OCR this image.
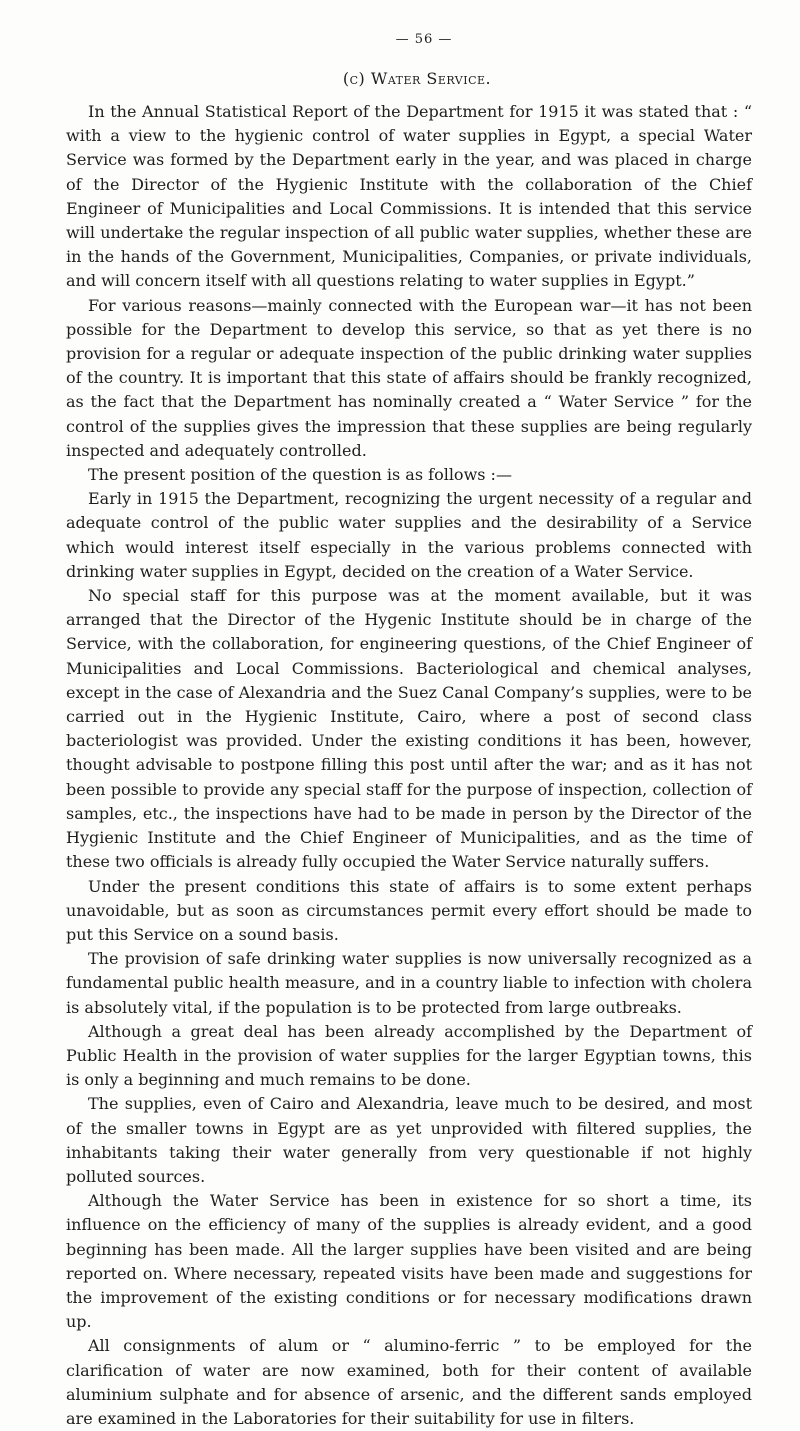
— 56 —
(c) Water Service.

In the Annual Statistical Report of the Department for 1915 it was stated that : “ with a view to the hygienic control of water supplies in Egypt, a special Water Service was formed by the Department early in the year, and was placed in charge of the Director of the Hygienic Institute with the collaboration of the Chief Engineer of Municipalities and Local Commissions. It is intended that this service will undertake the regular inspection of all public water supplies, whether these are in the hands of the Government, Municipalities, Companies, or private individuals, and will concern itself with all questions relating to water supplies in Egypt.”

For various reasons—mainly connected with the European war—it has not been possible for the Department to develop this service, so that as yet there is no provision for a regular or adequate inspection of the public drinking water supplies of the country. It is important that this state of affairs should be frankly recognized, as the fact that the Department has nominally created a “ Water Service ” for the control of the supplies gives the impression that these supplies are being regularly inspected and adequately controlled.

The present position of the question is as follows :—

Early in 1915 the Department, recognizing the urgent necessity of a regular and adequate control of the public water supplies and the desirability of a Service which would interest itself especially in the various problems connected with drinking water supplies in Egypt, decided on the creation of a Water Service.

No special staff for this purpose was at the moment available, but it was arranged that the Director of the Hygenic Institute should be in charge of the Service, with the collaboration, for engineering questions, of the Chief Engineer of Municipalities and Local Commissions. Bacteriological and chemical analyses, except in the case of Alexandria and the Suez Canal Company’s supplies, were to be carried out in the Hygienic Institute, Cairo, where a post of second class bacteriologist was provided. Under the existing conditions it has been, however, thought advisable to postpone filling this post until after the war; and as it has not been possible to provide any special staff for the purpose of inspection, collection of samples, etc., the inspections have had to be made in person by the Director of the Hygienic Institute and the Chief Engineer of Municipalities, and as the time of these two officials is already fully occupied the Water Service naturally suffers.

Under the present conditions this state of affairs is to some extent perhaps unavoidable, but as soon as circumstances permit every effort should be made to put this Service on a sound basis.

The provision of safe drinking water supplies is now universally recognized as a fundamental public health measure, and in a country liable to infection with cholera is absolutely vital, if the population is to be protected from large outbreaks.

Although a great deal has been already accomplished by the Department of Public Health in the provision of water supplies for the larger Egyptian towns, this is only a beginning and much remains to be done.

The supplies, even of Cairo and Alexandria, leave much to be desired, and most of the smaller towns in Egypt are as yet unprovided with filtered supplies, the inhabitants taking their water generally from very questionable if not highly polluted sources.

Although the Water Service has been in existence for so short a time, its influence on the efficiency of many of the supplies is already evident, and a good beginning has been made. All the larger supplies have been visited and are being reported on. Where necessary, repeated visits have been made and suggestions for the improvement of the existing conditions or for necessary modifications drawn up.

All consignments of alum or “ alumino-ferric ” to be employed for the clarification of water are now examined, both for their content of available aluminium sulphate and for absence of arsenic, and the different sands employed are examined in the Laboratories for their suitability for use in filters.
